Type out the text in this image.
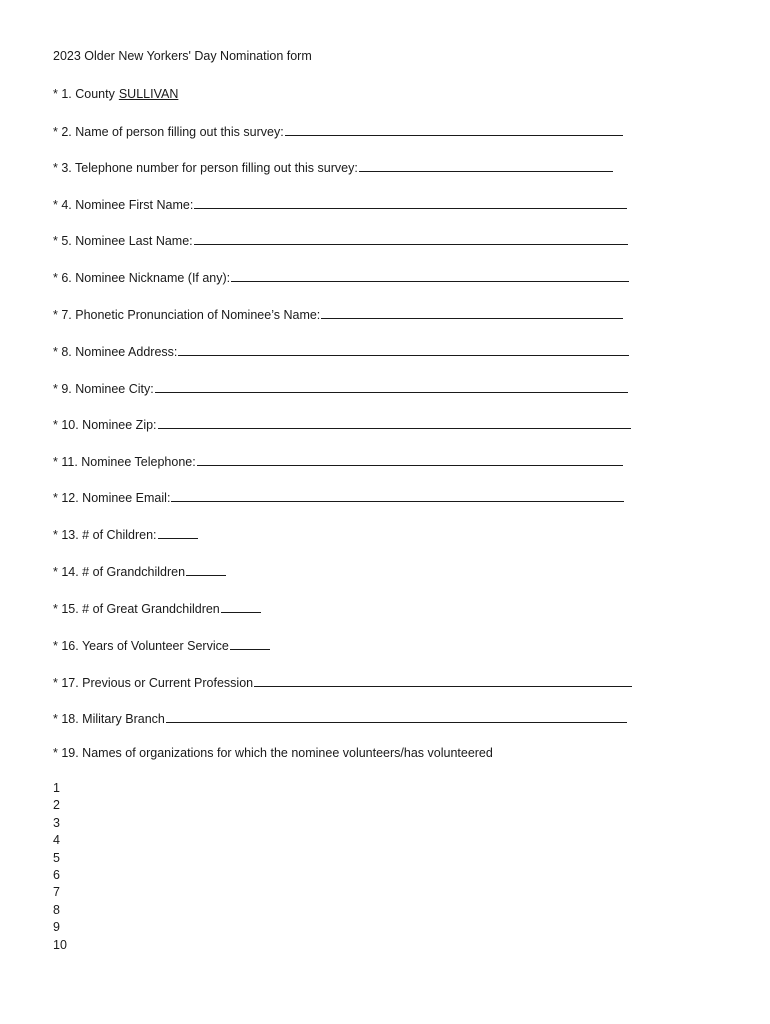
2023 Older New Yorkers' Day Nomination form
* 1. County SULLIVAN
* 2. Name of person filling out this survey:
* 3. Telephone number for person filling out this survey:
* 4. Nominee First Name:
* 5. Nominee Last Name:
* 6. Nominee Nickname (If any):
* 7. Phonetic Pronunciation of Nominee’s Name:
* 8. Nominee Address:
* 9. Nominee City:
* 10. Nominee Zip:
* 11. Nominee Telephone:
* 12. Nominee Email:
* 13. # of Children:
* 14. # of Grandchildren
* 15. # of Great Grandchildren
* 16. Years of Volunteer Service
* 17. Previous or Current Profession
* 18. Military Branch
* 19. Names of organizations for which the nominee volunteers/has volunteered
1
2
3
4
5
6
7
8
9
10
